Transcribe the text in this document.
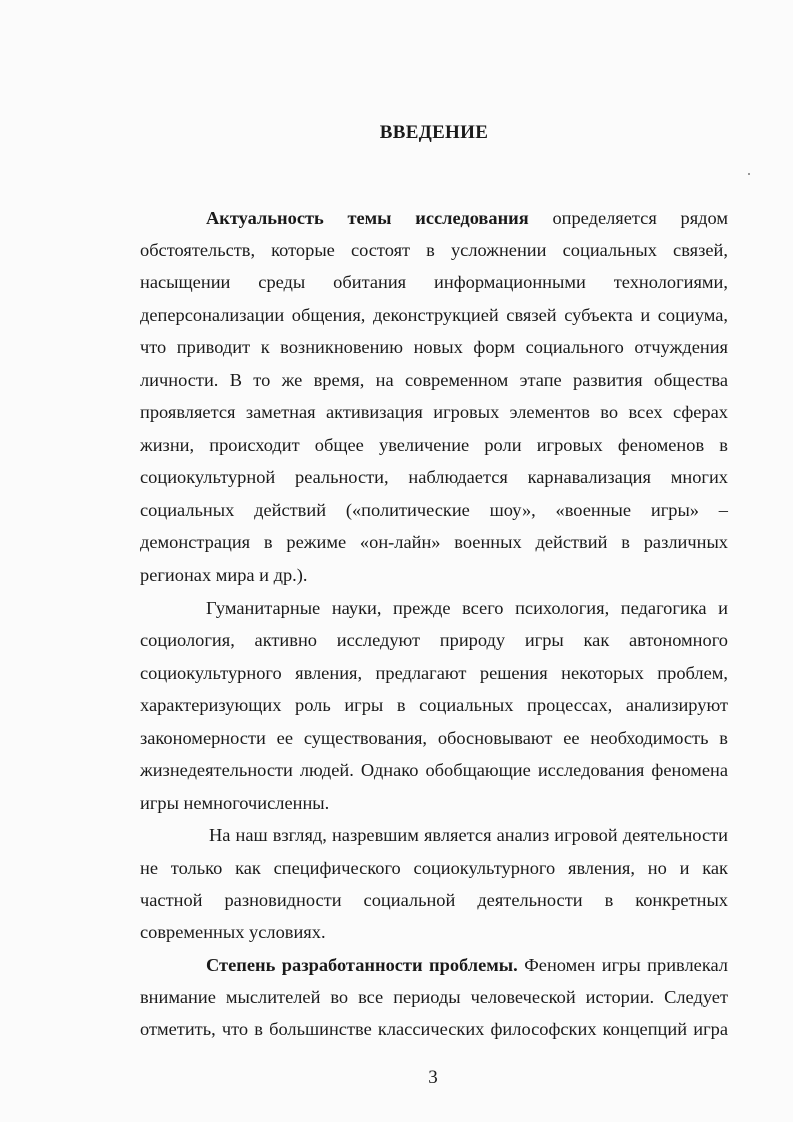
ВВЕДЕНИЕ
Актуальность темы исследования определяется рядом
обстоятельств, которые состоят в усложнении социальных связей,
насыщении среды обитания информационными технологиями,
деперсонализации общения, деконструкцией связей субъекта и социума,
что приводит к возникновению новых форм социального отчуждения
личности. В то же время, на современном этапе развития общества
проявляется заметная активизация игровых элементов во всех сферах
жизни, происходит общее увеличение роли игровых феноменов в
социокультурной реальности, наблюдается карнавализация многих
социальных действий («политические шоу», «военные игры» –
демонстрация в режиме «он-лайн» военных действий в различных
регионах мира и др.).
Гуманитарные науки, прежде всего психология, педагогика и
социология, активно исследуют природу игры как автономного
социокультурного явления, предлагают решения некоторых проблем,
характеризующих роль игры в социальных процессах, анализируют
закономерности ее существования, обосновывают ее необходимость в
жизнедеятельности людей. Однако обобщающие исследования феномена
игры немногочисленны.
На наш взгляд, назревшим является анализ игровой деятельности
не только как специфического социокультурного явления, но и как
частной разновидности социальной деятельности в конкретных
современных условиях.
Степень разработанности проблемы. Феномен игры привлекал
внимание мыслителей во все периоды человеческой истории. Следует
отметить, что в большинстве классических философских концепций игра
3
